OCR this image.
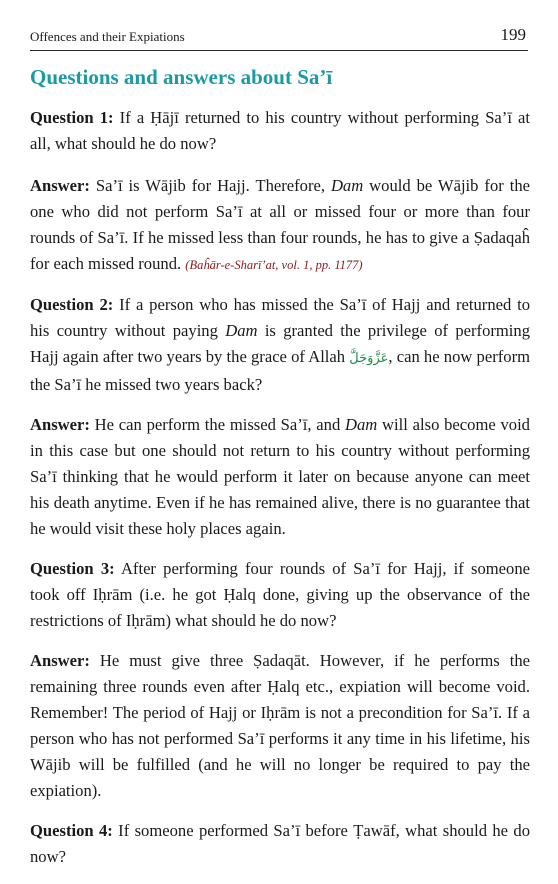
Offences and their Expiations	199
Questions and answers about Sa’ī

Question 1: If a Ḥājī returned to his country without performing Sa’ī at all, what should he do now?

Answer: Sa’ī is Wājib for Hajj. Therefore, Dam would be Wājib for the one who did not perform Sa’ī at all or missed four or more than four rounds of Sa’ī. If he missed less than four rounds, he has to give a Ṣadaqaĥ for each missed round. (Baĥār-e-Sharī’at, vol. 1, pp. 1177)

Question 2: If a person who has missed the Sa’ī of Hajj and returned to his country without paying Dam is granted the privilege of performing Hajj again after two years by the grace of Allah عَزَّوَجَلَّ, can he now perform the Sa’ī he missed two years back?

Answer: He can perform the missed Sa’ī, and Dam will also become void in this case but one should not return to his country without performing Sa’ī thinking that he would perform it later on because anyone can meet his death anytime. Even if he has remained alive, there is no guarantee that he would visit these holy places again.

Question 3: After performing four rounds of Sa’ī for Hajj, if someone took off Iḥrām (i.e. he got Ḥalq done, giving up the observance of the restrictions of Iḥrām) what should he do now?

Answer: He must give three Ṣadaqāt. However, if he performs the remaining three rounds even after Ḥalq etc., expiation will become void. Remember! The period of Hajj or Iḥrām is not a precondition for Sa’ī. If a person who has not performed Sa’ī performs it any time in his lifetime, his Wājib will be fulfilled (and he will no longer be required to pay the expiation).

Question 4: If someone performed Sa’ī before Ṭawāf, what should he do now?
